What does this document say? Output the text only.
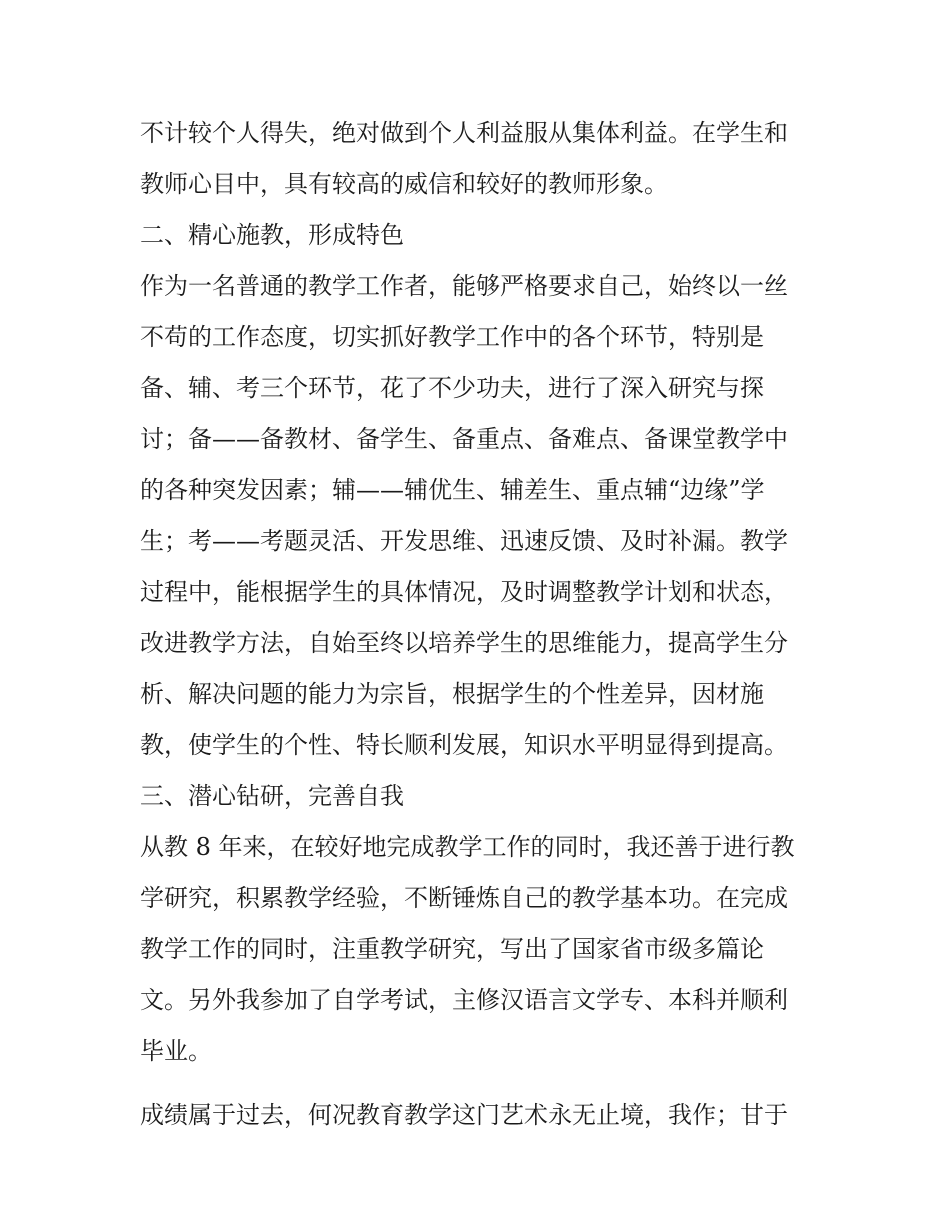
不计较个人得失，绝对做到个人利益服从集体利益。在学生和
教师心目中，具有较高的威信和较好的教师形象。
二、精心施教，形成特色
作为一名普通的教学工作者，能够严格要求自己，始终以一丝
不苟的工作态度，切实抓好教学工作中的各个环节，特别是
备、辅、考三个环节，花了不少功夫，进行了深入研究与探
讨；备——备教材、备学生、备重点、备难点、备课堂教学中
的各种突发因素；辅——辅优生、辅差生、重点辅“边缘”学
生；考——考题灵活、开发思维、迅速反馈、及时补漏。教学
过程中，能根据学生的具体情况，及时调整教学计划和状态，
改进教学方法，自始至终以培养学生的思维能力，提高学生分
析、解决问题的能力为宗旨，根据学生的个性差异，因材施
教，使学生的个性、特长顺利发展，知识水平明显得到提高。
三、潜心钻研，完善自我
从教 8 年来，在较好地完成教学工作的同时，我还善于进行教
学研究，积累教学经验，不断锤炼自己的教学基本功。在完成
教学工作的同时，注重教学研究，写出了国家省市级多篇论
文。另外我参加了自学考试，主修汉语言文学专、本科并顺利
毕业。
成绩属于过去，何况教育教学这门艺术永无止境，我作；甘于
